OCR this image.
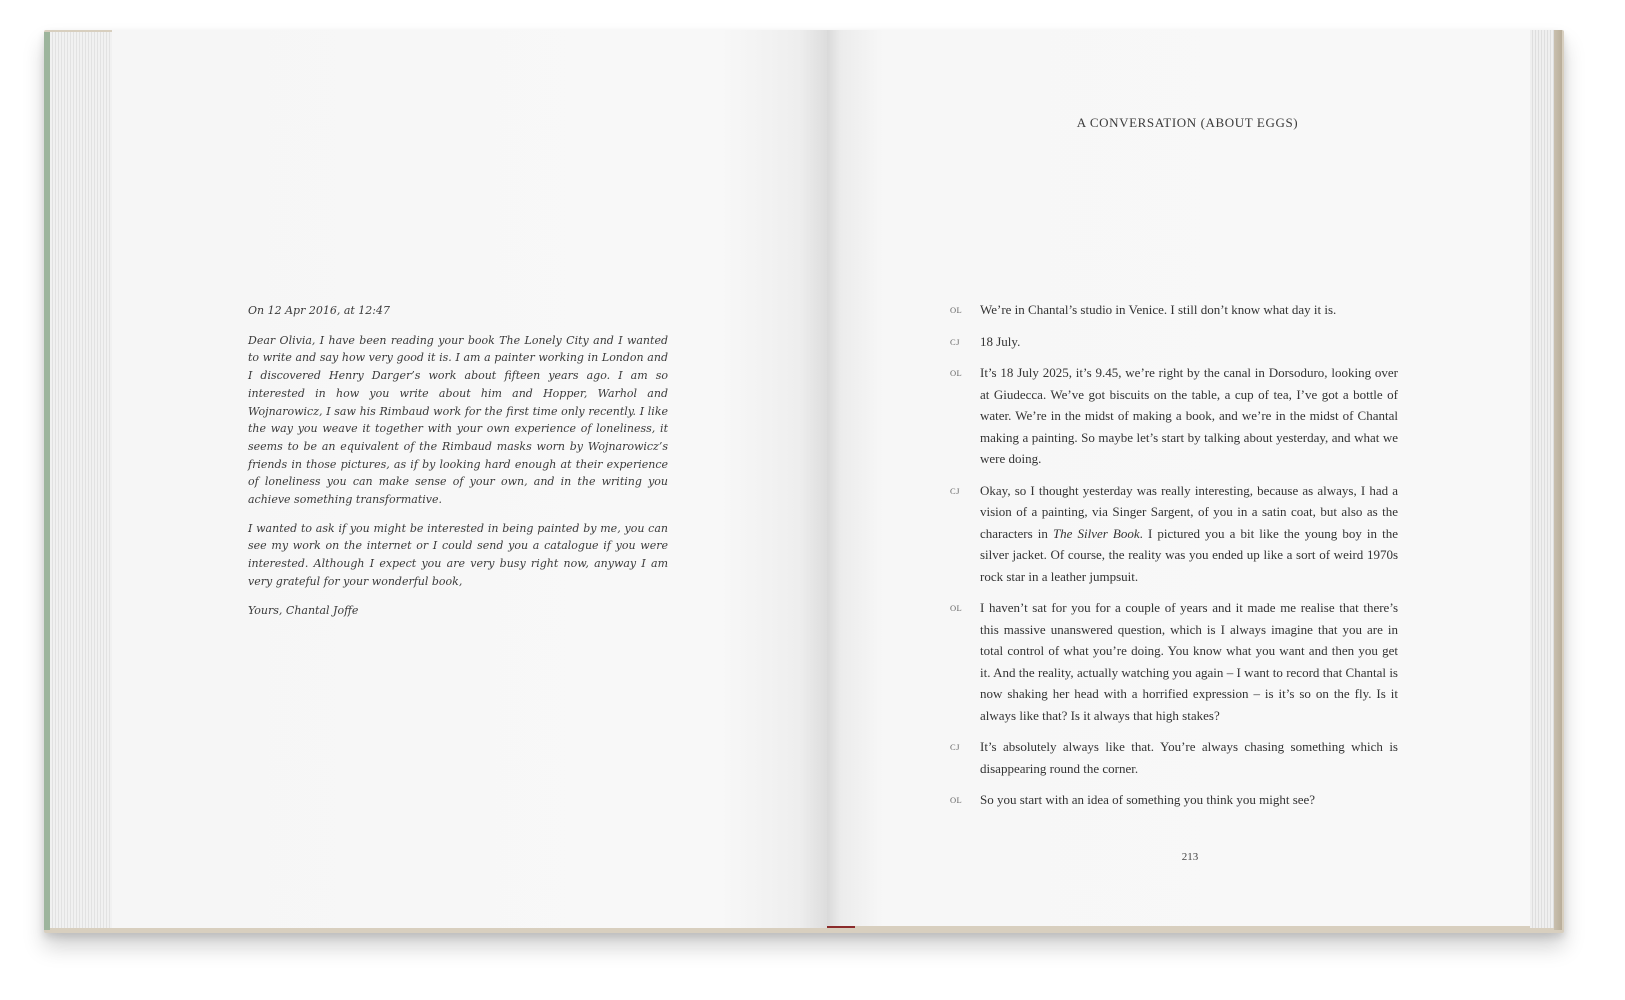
On 12 Apr 2016, at 12:47

Dear Olivia, I have been reading your book The Lonely City and I wanted to write and say how very good it is. I am a painter working in London and I discovered Henry Darger’s work about fifteen years ago. I am so interested in how you write about him and Hopper, Warhol and Wojnarowicz, I saw his Rimbaud work for the first time only recently. I like the way you weave it together with your own experience of loneliness, it seems to be an equivalent of the Rimbaud masks worn by Wojnarowicz’s friends in those pictures, as if by looking hard enough at their experience of loneliness you can make sense of your own, and in the writing you achieve something transformative.

I wanted to ask if you might be interested in being painted by me, you can see my work on the internet or I could send you a catalogue if you were interested. Although I expect you are very busy right now, anyway I am very grateful for your wonderful book,

Yours, Chantal Joffe

A CONVERSATION (ABOUT EGGS)
OL We’re in Chantal’s studio in Venice. I still don’t know what day it is.
CJ 18 July.
OL It’s 18 July 2025, it’s 9.45, we’re right by the canal in Dorsoduro, looking over at Giudecca. We’ve got biscuits on the table, a cup of tea, I’ve got a bottle of water. We’re in the midst of making a book, and we’re in the midst of Chantal making a painting. So maybe let’s start by talking about yesterday, and what we were doing.
CJ Okay, so I thought yesterday was really interesting, because as always, I had a vision of a painting, via Singer Sargent, of you in a satin coat, but also as the characters in The Silver Book. I pictured you a bit like the young boy in the silver jacket. Of course, the reality was you ended up like a sort of weird 1970s rock star in a leather jumpsuit.
OL I haven’t sat for you for a couple of years and it made me realise that there’s this massive unanswered question, which is I always imagine that you are in total control of what you’re doing. You know what you want and then you get it. And the reality, actually watching you again – I want to record that Chantal is now shaking her head with a horrified expression – is it’s so on the fly. Is it always like that? Is it always that high stakes?
CJ It’s absolutely always like that. You’re always chasing something which is disappearing round the corner.
OL So you start with an idea of something you think you might see?
213
